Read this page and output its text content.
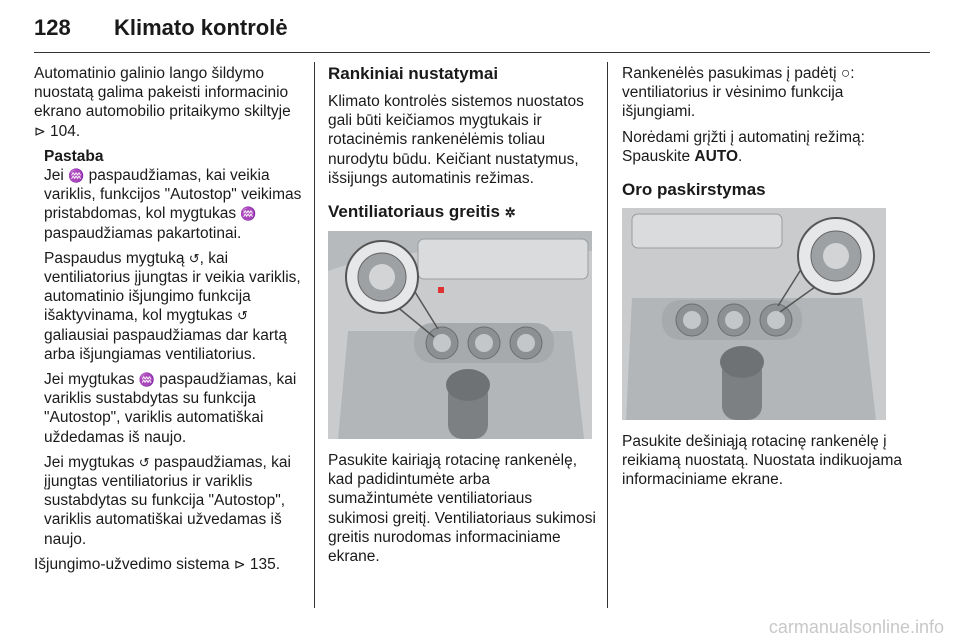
128	Klimato kontrolė

Automatinio galinio lango šildymo nuostatą galima pakeisti informacinio ekrano automobilio pritaikymo skiltyje ⊳ 104.

Pastaba

Jei ♒ paspaudžiamas, kai veikia variklis, funkcijos "Autostop" veikimas pristabdomas, kol mygtukas ♒ paspaudžiamas pakartotinai.

Paspaudus mygtuką ↺, kai ventiliatorius įjungtas ir veikia variklis, automatinio išjungimo funkcija išaktyvinama, kol mygtukas ↺ galiausiai paspaudžiamas dar kartą arba išjungiamas ventiliatorius.

Jei mygtukas ♒ paspaudžiamas, kai variklis sustabdytas su funkcija "Autostop", variklis automatiškai uždedamas iš naujo.

Jei mygtukas ↺ paspaudžiamas, kai įjungtas ventiliatorius ir variklis sustabdytas su funkcija "Autostop", variklis automatiškai užvedamas iš naujo.

Išjungimo-užvedimo sistema ⊳ 135.

Rankiniai nustatymai

Klimato kontrolės sistemos nuostatos gali būti keičiamos mygtukais ir rotacinėmis rankenėlėmis toliau nurodytu būdu. Keičiant nustatymus, išsijungs automatinis režimas.

Ventiliatoriaus greitis ✲

Pasukite kairiąją rotacinę rankenėlę, kad padidintumėte arba sumažintumėte ventiliatoriaus sukimosi greitį. Ventiliatoriaus sukimosi greitis nurodomas informaciniame ekrane.

Rankenėlės pasukimas į padėtį ○: ventiliatorius ir vėsinimo funkcija išjungiami.

Norėdami grįžti į automatinį režimą:

Spauskite AUTO.

Oro paskirstymas

Pasukite dešiniąją rotacinę rankenėlę į reikiamą nuostatą. Nuostata indikuojama informaciniame ekrane.

carmanualsonline.info
